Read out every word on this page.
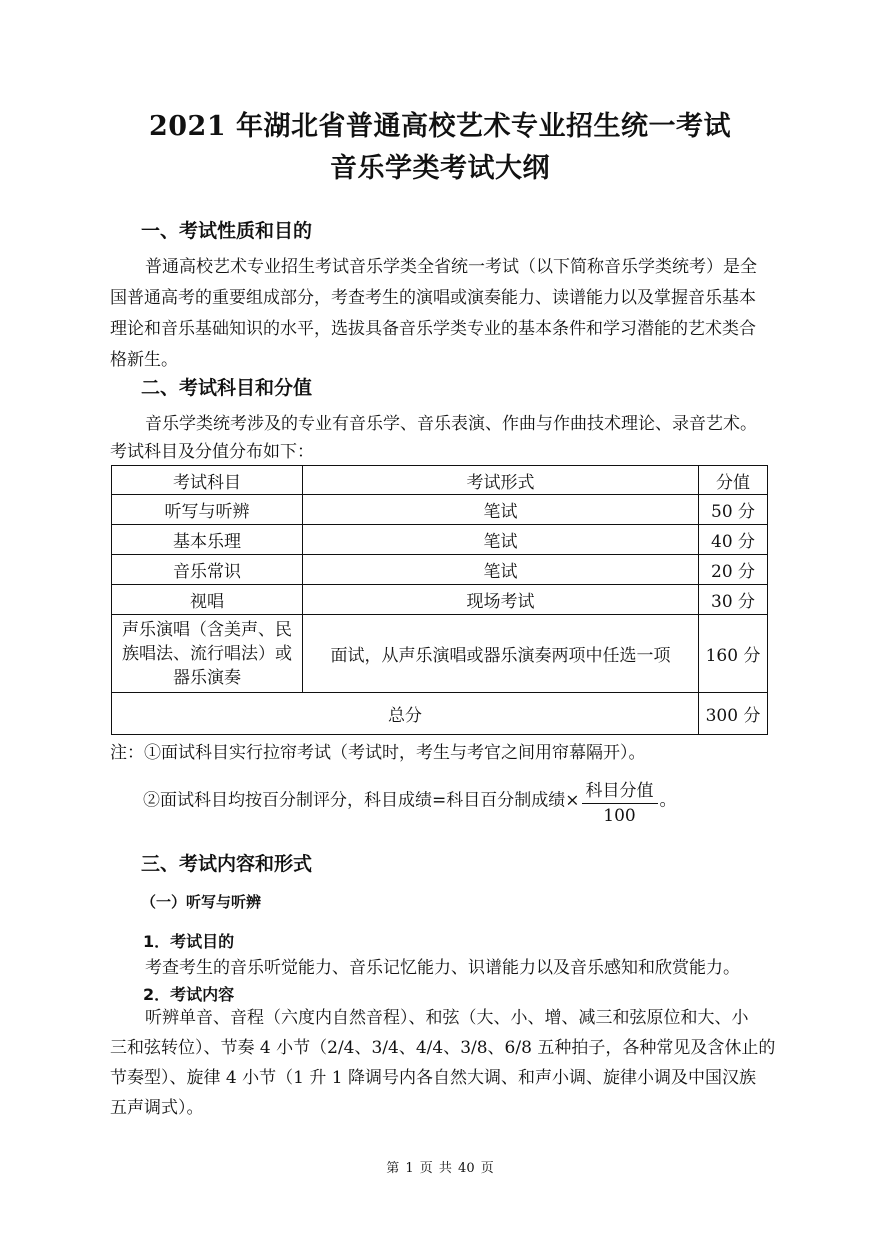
2021 年湖北省普通高校艺术专业招生统一考试
音乐学类考试大纲
一、考试性质和目的
普通高校艺术专业招生考试音乐学类全省统一考试（以下简称音乐学类统考）是全
国普通高考的重要组成部分，考查考生的演唱或演奏能力、读谱能力以及掌握音乐基本
理论和音乐基础知识的水平，选拔具备音乐学类专业的基本条件和学习潜能的艺术类合
格新生。
二、考试科目和分值
音乐学类统考涉及的专业有音乐学、音乐表演、作曲与作曲技术理论、录音艺术。
考试科目及分值分布如下：
考试科目	考试形式	分值
听写与听辨	笔试	50 分
基本乐理	笔试	40 分
音乐常识	笔试	20 分
视唱	现场考试	30 分

声乐演唱（含美声、民
族唱法、流行唱法）或
器乐演奏	面试，从声乐演唱或器乐演奏两项中任选一项	160 分
总分		300 分
注：①面试科目实行拉帘考试（考试时，考生与考官之间用帘幕隔开）。
②面试科目均按百分制评分，科目成绩=科目百分制成绩× $\frac{\text{科目分值}}{100}$ 。
三、考试内容和形式
（一）听写与听辨
1．考试目的
考查考生的音乐听觉能力、音乐记忆能力、识谱能力以及音乐感知和欣赏能力。
2．考试内容
听辨单音、音程（六度内自然音程）、和弦（大、小、增、减三和弦原位和大、小
三和弦转位）、节奏 4 小节（2/4、3/4、4/4、3/8、6/8 五种拍子，各种常见及含休止的
节奏型）、旋律 4 小节（1 升 1 降调号内各自然大调、和声小调、旋律小调及中国汉族
五声调式）。
第 1 页 共 40 页
